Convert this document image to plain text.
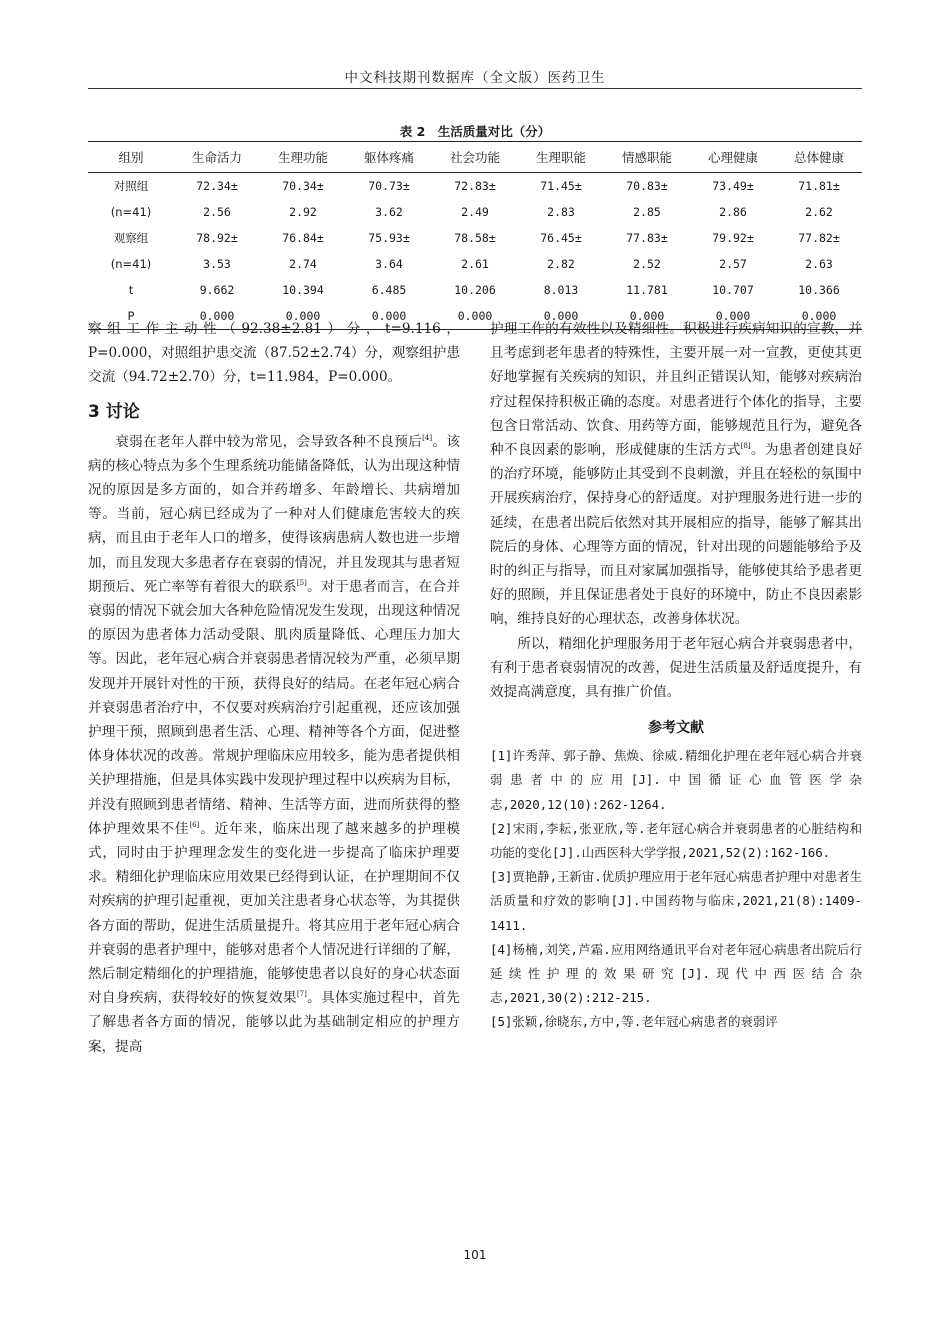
中文科技期刊数据库（全文版）医药卫生
表 2　生活质量对比（分）
组别	生命活力	生理功能	躯体疼痛	社会功能	生理职能	情感职能	心理健康	总体健康
对照组	72.34±	70.34±	70.73±	72.83±	71.45±	70.83±	73.49±	71.81±
(n=41)	2.56	2.92	3.62	2.49	2.83	2.85	2.86	2.62
观察组	78.92±	76.84±	75.93±	78.58±	76.45±	77.83±	79.92±	77.82±
(n=41)	3.53	2.74	3.64	2.61	2.82	2.52	2.57	2.63
t	9.662	10.394	6.485	10.206	8.013	11.781	10.707	10.366
P	0.000	0.000	0.000	0.000	0.000	0.000	0.000	0.000

察组工作主动性（92.38±2.81）分，t=9.116，P=0.000，对照组护患交流（87.52±2.74）分，观察组护患交流（94.72±2.70）分，t=11.984，P=0.000。

3 讨论

衰弱在老年人群中较为常见，会导致各种不良预后[4]。该病的核心特点为多个生理系统功能储备降低，认为出现这种情况的原因是多方面的，如合并药增多、年龄增长、共病增加等。当前，冠心病已经成为了一种对人们健康危害较大的疾病，而且由于老年人口的增多，使得该病患病人数也进一步增加，而且发现大多患者存在衰弱的情况，并且发现其与患者短期预后、死亡率等有着很大的联系[5]。对于患者而言，在合并衰弱的情况下就会加大各种危险情况发生发现，出现这种情况的原因为患者体力活动受限、肌肉质量降低、心理压力加大等。因此，老年冠心病合并衰弱患者情况较为严重，必须早期发现并开展针对性的干预，获得良好的结局。在老年冠心病合并衰弱患者治疗中，不仅要对疾病治疗引起重视，还应该加强护理干预，照顾到患者生活、心理、精神等各个方面，促进整体身体状况的改善。常规护理临床应用较多，能为患者提供相关护理措施，但是具体实践中发现护理过程中以疾病为目标，并没有照顾到患者情绪、精神、生活等方面，进而所获得的整体护理效果不佳[6]。近年来，临床出现了越来越多的护理模式，同时由于护理理念发生的变化进一步提高了临床护理要求。精细化护理临床应用效果已经得到认证，在护理期间不仅对疾病的护理引起重视，更加关注患者身心状态等，为其提供各方面的帮助，促进生活质量提升。将其应用于老年冠心病合并衰弱的患者护理中，能够对患者个人情况进行详细的了解，然后制定精细化的护理措施，能够使患者以良好的身心状态面对自身疾病，获得较好的恢复效果[7]。具体实施过程中，首先了解患者各方面的情况，能够以此为基础制定相应的护理方案，提高

护理工作的有效性以及精细性。积极进行疾病知识的宣教，并且考虑到老年患者的特殊性，主要开展一对一宣教，更使其更好地掌握有关疾病的知识，并且纠正错误认知，能够对疾病治疗过程保持积极正确的态度。对患者进行个体化的指导，主要包含日常活动、饮食、用药等方面，能够规范且行为，避免各种不良因素的影响，形成健康的生活方式[8]。为患者创建良好的治疗环境，能够防止其受到不良刺激，并且在轻松的氛围中开展疾病治疗，保持身心的舒适度。对护理服务进行进一步的延续，在患者出院后依然对其开展相应的指导，能够了解其出院后的身体、心理等方面的情况，针对出现的问题能够给予及时的纠正与指导，而且对家属加强指导，能够使其给予患者更好的照顾，并且保证患者处于良好的环境中，防止不良因素影响，维持良好的心理状态，改善身体状况。

所以，精细化护理服务用于老年冠心病合并衰弱患者中，有利于患者衰弱情况的改善，促进生活质量及舒适度提升，有效提高满意度，具有推广价值。

参考文献
[1]许秀萍、郭子静、焦焕、徐威.精细化护理在老年冠心病合并衰弱患者中的应用[J].中国循证心血管医学杂志,2020,12(10):262-1264.
[2]宋雨,李耘,张亚欣,等.老年冠心病合并衰弱患者的心脏结构和功能的变化[J].山西医科大学学报,2021,52(2):162-166.
[3]贾艳静,王新宙.优质护理应用于老年冠心病患者护理中对患者生活质量和疗效的影响[J].中国药物与临床,2021,21(8):1409-1411.
[4]杨楠,刘笑,芦霜.应用网络通讯平台对老年冠心病患者出院后行延续性护理的效果研究[J].现代中西医结合杂志,2021,30(2):212-215.
[5]张颖,徐晓东,方中,等.老年冠心病患者的衰弱评
101
